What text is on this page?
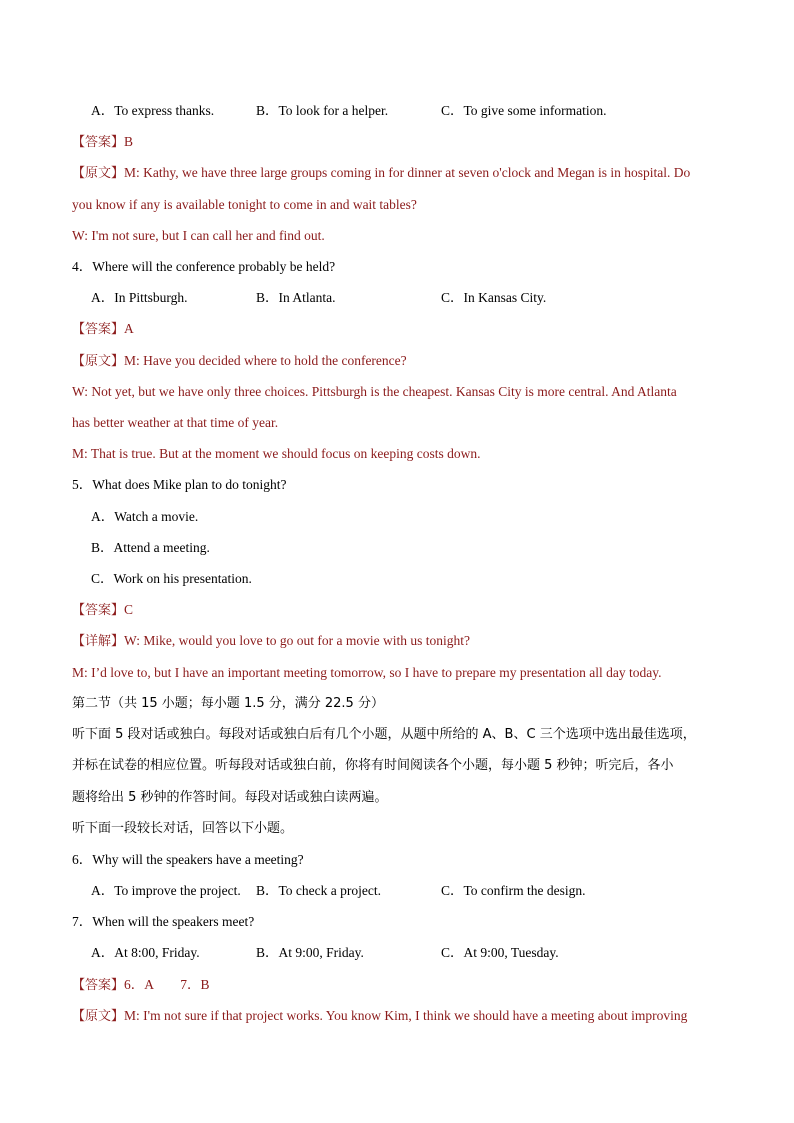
A．To express thanks.	B．To look for a helper.	C．To give some information.
【答案】B
【原文】M: Kathy, we have three large groups coming in for dinner at seven o'clock and Megan is in hospital. Do
you know if any is available tonight to come in and wait tables?
W: I'm not sure, but I can call her and find out.
4．Where will the conference probably be held?
A．In Pittsburgh.	B．In Atlanta.	C．In Kansas City.
【答案】A
【原文】M: Have you decided where to hold the conference?
W: Not yet, but we have only three choices. Pittsburgh is the cheapest. Kansas City is more central. And Atlanta
has better weather at that time of year.
M: That is true. But at the moment we should focus on keeping costs down.
5．What does Mike plan to do tonight?
A．Watch a movie.
B．Attend a meeting.
C．Work on his presentation.
【答案】C
【详解】W: Mike, would you love to go out for a movie with us tonight?
M: I’d love to, but I have an important meeting tomorrow, so I have to prepare my presentation all day today.
第二节（共 15 小题；每小题 1.5 分，满分 22.5 分）
听下面 5 段对话或独白。每段对话或独白后有几个小题，从题中所给的 A、B、C 三个选项中选出最佳选项，
并标在试卷的相应位置。听每段对话或独白前，你将有时间阅读各个小题，每小题 5 秒钟；听完后，各小
题将给出 5 秒钟的作答时间。每段对话或独白读两遍。
听下面一段较长对话，回答以下小题。
6．Why will the speakers have a meeting?
A．To improve the project. B．To check a project.	C．To confirm the design.
7．When will the speakers meet?
A．At 8:00, Friday.	B．At 9:00, Friday.	C．At 9:00, Tuesday.
【答案】6．A　　7．B
【原文】M: I'm not sure if that project works. You know Kim, I think we should have a meeting about improving
